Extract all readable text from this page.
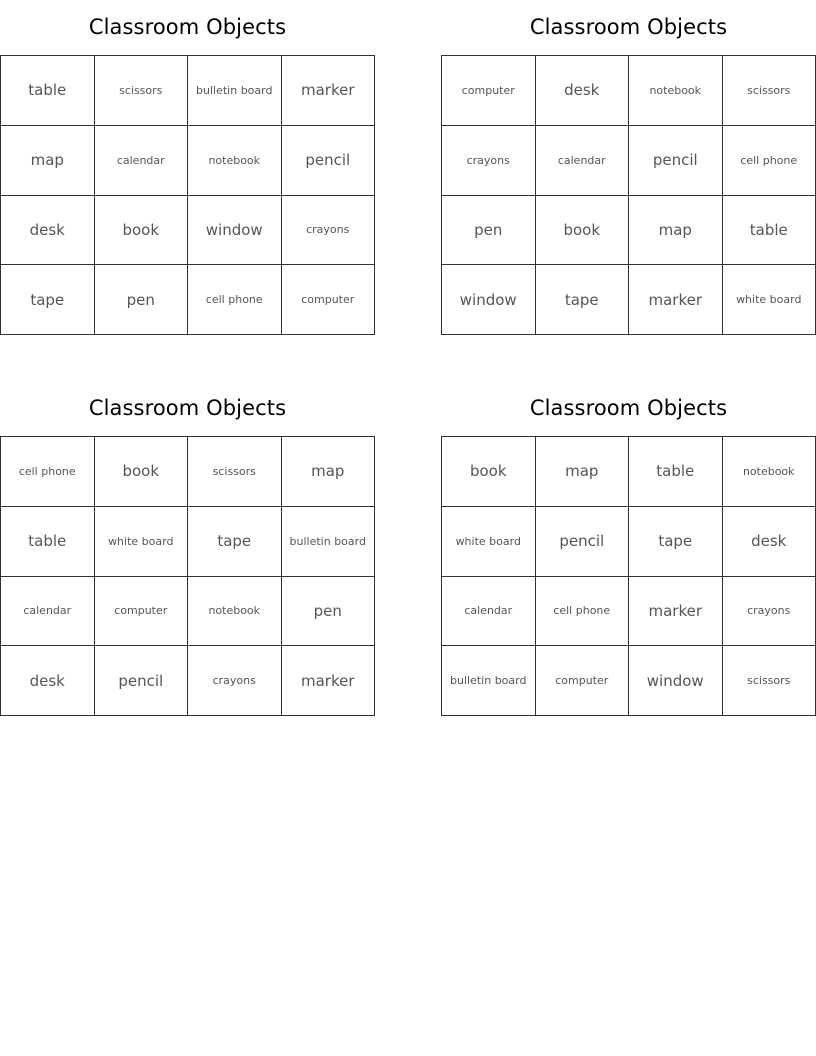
Classroom Objects
table	scissors	bulletin board	marker
map	calendar	notebook	pencil
desk	book	window	crayons
tape	pen	cell phone	computer
Classroom Objects
computer	desk	notebook	scissors
crayons	calendar	pencil	cell phone
pen	book	map	table
window	tape	marker	white board
Classroom Objects
cell phone	book	scissors	map
table	white board	tape	bulletin board
calendar	computer	notebook	pen
desk	pencil	crayons	marker
Classroom Objects
book	map	table	notebook
white board	pencil	tape	desk
calendar	cell phone	marker	crayons
bulletin board	computer	window	scissors
